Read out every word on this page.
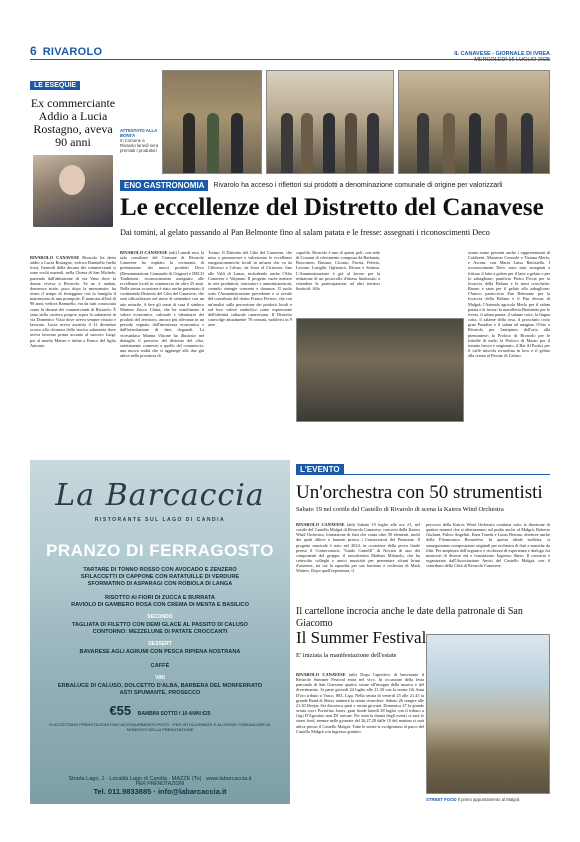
6 RIVAROLO	IL CANAVESE - GIORNALE DI IVREA
MERCOLEDÌ 16 LUGLIO 2025
LE ESEQUIE
Ex commerciante Addio a Lucia Rostagno, aveva 90 anni
RIVAROLO CANAVESE Rivarolo ha detto addio a Lucia Rostagno, vedova Ramuello (nella foto), l'unerali della decana dei commercianti si sono svolti martedì, nella Chiesa di San Michele, partendo dall'abitazione di via Vano dove la donna viveva a Rivarolo. Se ne è andata, domenica notte, poco dopo la mezzanotte, ha avuto il tempo di festeggiare con la famiglia il matrimonio di una pronipote. È mancata all'età di 90 anni, vedova Ramuello, era da tutti conosciuta come la decana dei commercianti di Rivarolo. È stata nella carriera proprio sopra la salumeria in via Domenico Vizio dove aveva sempre vissuto e lavorato. Lucia aveva assistito il 31 dicembre scorso alla chiusura della storica salumeria dove aveva lavorato prima accanto al suocero Luigi, poi al marito Matteo e infine a Enrico del figlio Antonio.
ATTESTATO ALLA BONTÀ
In Comune a Rivarolo lunedì sera premiati i produttori
ENO GASTRONOMIA	Rivarolo ha acceso i riflettori sui prodotti a denominazione comunale di origine per valorizzarli
Le eccellenze del Distretto del Canavese
Dai tomini, al gelato passando al Pan Belmonte fino al salam patata e le fresse: assegnati i riconoscimenti Deco
RIVAROLO CANAVESE (ath) Lunedì sera, la sala consiliare del Comune di Rivarolo Canavese ha ospitato la cerimonia di premiazione dei nuovi prodotti Deco (Denominazione Comunale di Origine) e DECO Tradizione, riconoscimento assegnato alle eccellenze locali in commercio da oltre 25 anni. Nella stessa occasione è stato anche presentato il costituendo Distretto del Cibo del Canavese, che sarà ufficializzato nel mese di settembre con un atto notarile. A fare gli onori di casa il sindaco Martino Zucco Chinà, che ha sottolineato il valore economico, culturale e identitario dei prodotti del territorio, ancora più rilevante in un periodo segnato dall'incertezza economica e dall'introduzione di dazi doganali. La vicesindaca Marina Vittone ha illustrato nel dettaglio il percorso del distretto del cibo, strettamente connesso a quello del commercio: una nuova realtà che si aggiunge alle due già attive nella provincia di
Torino. Il Distretto del Cibo del Canavese, che mira a promuovere e valorizzare le eccellenze enogastronomiche locali in un'area che va da Chivasso a Caluso, da Ivrea al Ciriacese, fino alle Valli di Lanzo, includendo anche l'Alto Canavese e Volpiano. Il progetto vuole mettere in rete produttori, ristoratori e amministrazioni, creando sinergie concrete e durature. Il ruolo sotto l'Amministrazione precedente e si avvale del contributo del dottor Franco Ferrero, che con un'analisi sulla percezione dei prodotti locali e sul loro valore simbolico come espressione dell'identità culturale canavesana. Il Distretto coinvolge attualmente 78 comuni, suddivisi in 9 aree
capofila. Rivarolo è uno di questi poli, con sede di Comuni di riferimento composta da Barbania, Bosconero, Busano, Ciconio, Favria, Feletto, Levone, Lusigliè, Oglianico, Rivara e Salassa. L'Amministrazione è già al lavoro per la redazione di un protocollo d'intesa finalizzato a estendere la partecipazione ad altri territori limitrofi. Alla
serata erano presenti anche i rappresentanti di Coldiretti, Massimo Ceresole e Tiziana Merlo, e Ascom, con Maria Luisa Battistella. I riconoscimenti Deco sono stati assegnati a fritturo il latte a gelato per il latte a gelato e per lo zabaglione; panificio Pietro Piccat per la focaccia della Befana e le mini cracchette; Buono e sano per il gelato allo zabaglione; l'Antico pasticceria Pan Belmonte per la focaccia della Befana e il Pan dessus di Malgrà; l'Azienda agricola Merlo per il salam patata e le fresse; la macelleria Bertinetto per le fresse, il salam patata, il salame cotto, la lingua cotta, il salame della rosa, il prosciutto cotto gran Paradiso e il salam ad unagina; l'Orto a Rivarolo per l'antipasto dell'orto alla piemontese; la Proloco di Rivarolo per le frittelle di mele; la Proloco di Mastri per il tomino fresco e stagionato, il Bar Al Portici per il caffè miscela rivarolina in loco e il gelato alla crema al Passito di Caluso.
La Barcaccia
RISTORANTE SUL LAGO DI CANDIA
PRANZO DI FERRAGOSTO
TARTARE DI TONNO ROSSO CON AVOCADO E ZENZERO
SFILACCETTI DI CAPPONE CON RATATUILLE DI VERDURE
SFORMATINO DI ASPARAGI CON ROBIOLA DI LANGA
RISOTTO AI FIORI DI ZUCCA E BURRATA
RAVIOLO DI GAMBERO ROSA CON CREMA DI MENTA E BASILICO
SECONDO
TAGLIATA DI FILETTO CON DEMI GLACE AL PASSITO DI CALUSO
CONTORNO: MEZZELUNE DI PATATE CROCCANTI
DESSERT
BAVARESE AGLI AGRUMI CON PESCA RIPIENA NOSTRANA
CAFFÈ
VINI
ERBALUCE DI CALUSO, DOLCETTO D'ALBA, BARBERA DEL MONFERRATO
ASTI SPUMANTE, PROSECCO
€55 BAMBINI SOTTO I 10 ANNI €25
SI ACCETTANO PRENOTAZIONI FINO AD ESAURIMENTO POSTI · PER INTOLLERANZE E ALLERGIE COMUNICARE AL MOMENTO DELLA PRENOTAZIONE
Strada Lago, 1 · Località Lago di Candia · MAZZÈ (To) · www.labarcaccia.it
PER PRENOTAZIONI
Tel. 011.9833885 · info@labarcaccia.it
L'EVENTO
Un'orchestra con 50 strumentisti
Sabato 19 nel cortile del Castello di Rivarolo di scena la Kairos Wind Orchestra
RIVAROLO CANAVESE (ath) Sabato 19 luglio alle ore 21, nel cortile del Castello Malgrà di Rivarolo Canavese, concerto della Kairos Wind Orchestra, formazione di fiati che conta oltre 50 elementi, molti dei quali allievi o laureati presso i Conservatori del Piemonte. Il progetto musicale è nato nel 2024, in occasione della prova finale presso il Conservatorio "Guido Cantelli" di Novara di uno dei componenti del gruppo, il sassofonista Mathias Milanolo, che ha coinvolto colleghi e amici musicisti per presentare alcuni brani d'assieme, tra cui la rapsodia per sax baritono e orchestra di Mark Watters. Dopo quell'esperienza, il
percorso della Kairos Wind Orchestra continua sotto la direzione di quattro maestri che si alterneranno sul podio anche al Malgrà: Roberto Giuliani, Fulvio Angelini, Enea Tonetti e Lucas Bertino, direttore anche della Filarmonica Rivarolese. In questa ideale staffetta, si susseguiranno composizioni originali per orchestra di fiati e musiche da film. Per ampiezza dell'organico e ricchezza di esperienza e dialogo fra musicisti di diverse età e formazione. Ingresso libero. Il concerto è organizzato dall'Associazione Amici del Castello Malgrà, con il contributo della Città di Rivarolo Canavese.
Il cartellone incrocia anche le date della patronale di San Giacomo
Il Summer Festival
E' iniziata la manifestazione dell'estate
RIVAROLO CANAVESE (ath) Dopo l'aperitivo di benvenuto il Rivarolo Summer Festival entra nel vivo. In occasione della festa patronale di San Giacomo quattro serate all'insegna della musica e del divertimento. Si parte giovedì 24 luglio alle 21.30 con la serata Gli Anni D'oro tributo a Vasco, 883, Liga. Nella serata di venerdì 25 alle 21.45 la grande Band di Sbirry animerà la serata rivarolese. Sabato 26 sempre alle 21.30 Deejay Set discoteca parti e serata giovani. Domenica 27 la grande serata con i Portofino Jones, gran finale lunedì 28 luglio con il tributo a Gigi D'Agostino non DJ tortone. Per tutta la durata degli eventi ci sarà lo street food, mentre nelle giornate del 26,27,28 dalle 10 del mattino si sarà attiva presso il Castello Malgrà. Tutte le serate si svolgeranno al parco del Castello Malgrà con ingresso gratuito.
STREET FOOD Il primo appuntamento al Malgrà
